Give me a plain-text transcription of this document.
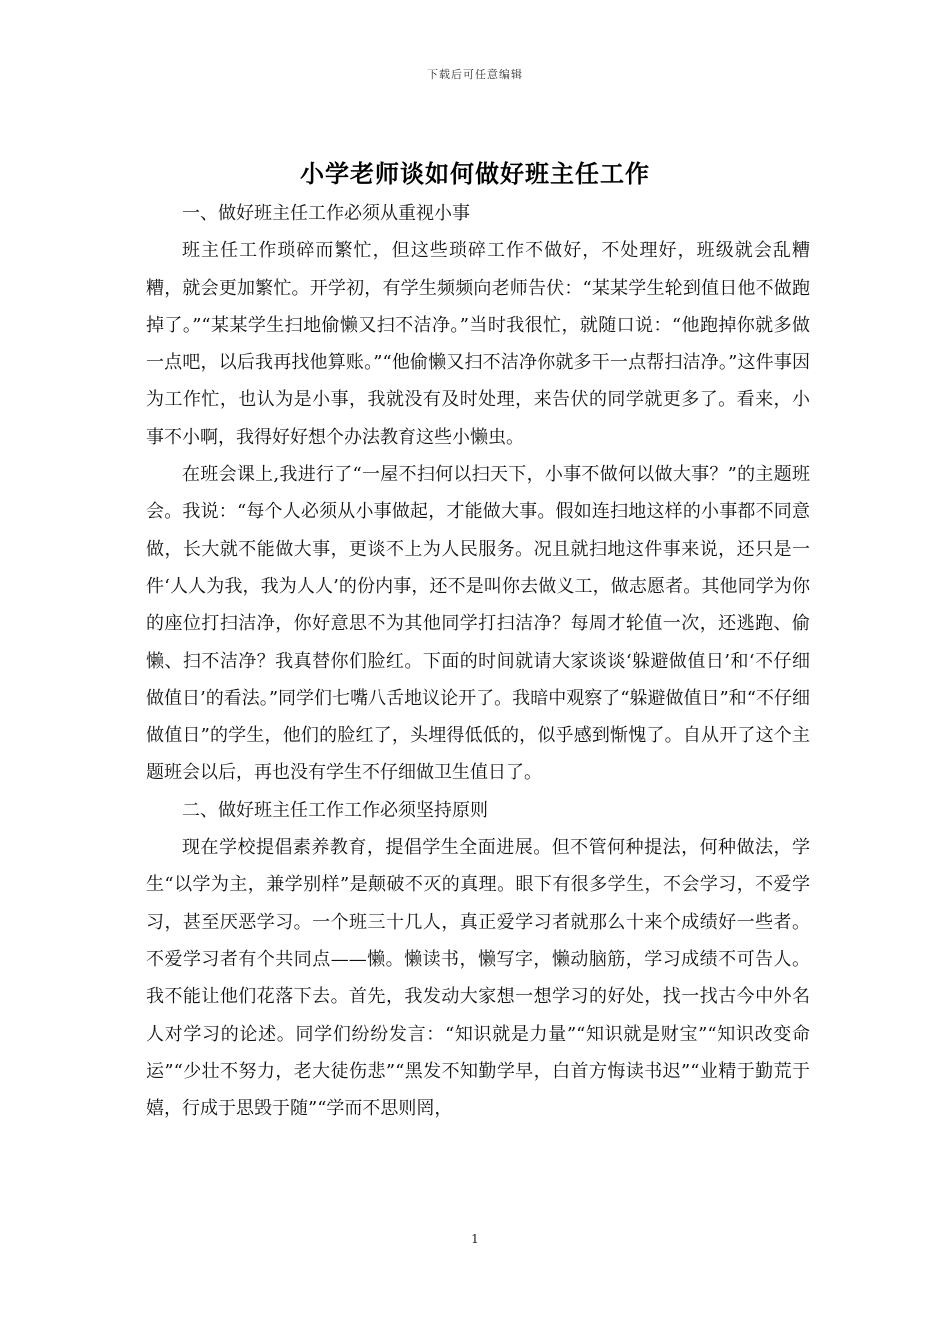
下载后可任意编辑
小学老师谈如何做好班主任工作

一、做好班主任工作必须从重视小事

班主任工作琐碎而繁忙，但这些琐碎工作不做好，不处理好，班级就会乱糟糟，就会更加繁忙。开学初，有学生频频向老师告伏：“某某学生轮到值日他不做跑掉了。”“某某学生扫地偷懒又扫不洁净。”当时我很忙，就随口说：“他跑掉你就多做一点吧，以后我再找他算账。”“他偷懒又扫不洁净你就多干一点帮扫洁净。”这件事因为工作忙，也认为是小事，我就没有及时处理，来告伏的同学就更多了。看来，小事不小啊，我得好好想个办法教育这些小懒虫。

在班会课上,我进行了“一屋不扫何以扫天下，小事不做何以做大事？”的主题班会。我说：“每个人必须从小事做起，才能做大事。假如连扫地这样的小事都不同意做，长大就不能做大事，更谈不上为人民服务。况且就扫地这件事来说，还只是一件‘人人为我，我为人人’的份内事，还不是叫你去做义工，做志愿者。其他同学为你的座位打扫洁净，你好意思不为其他同学打扫洁净？每周才轮值一次，还逃跑、偷懒、扫不洁净？我真替你们脸红。下面的时间就请大家谈谈‘躲避做值日’和‘不仔细做值日’的看法。”同学们七嘴八舌地议论开了。我暗中观察了“躲避做值日”和“不仔细做值日”的学生，他们的脸红了，头埋得低低的，似乎感到惭愧了。自从开了这个主题班会以后，再也没有学生不仔细做卫生值日了。

二、做好班主任工作工作必须坚持原则

现在学校提倡素养教育，提倡学生全面进展。但不管何种提法，何种做法，学生“以学为主，兼学别样”是颠破不灭的真理。眼下有很多学生，不会学习，不爱学习，甚至厌恶学习。一个班三十几人，真正爱学习者就那么十来个成绩好一些者。不爱学习者有个共同点——懒。懒读书，懒写字，懒动脑筋，学习成绩不可告人。我不能让他们花落下去。首先，我发动大家想一想学习的好处，找一找古今中外名人对学习的论述。同学们纷纷发言：“知识就是力量”“知识就是财宝”“知识改变命运”“少壮不努力，老大徒伤悲”“黑发不知勤学早，白首方悔读书迟”“业精于勤荒于嬉，行成于思毁于随”“学而不思则罔，

1
